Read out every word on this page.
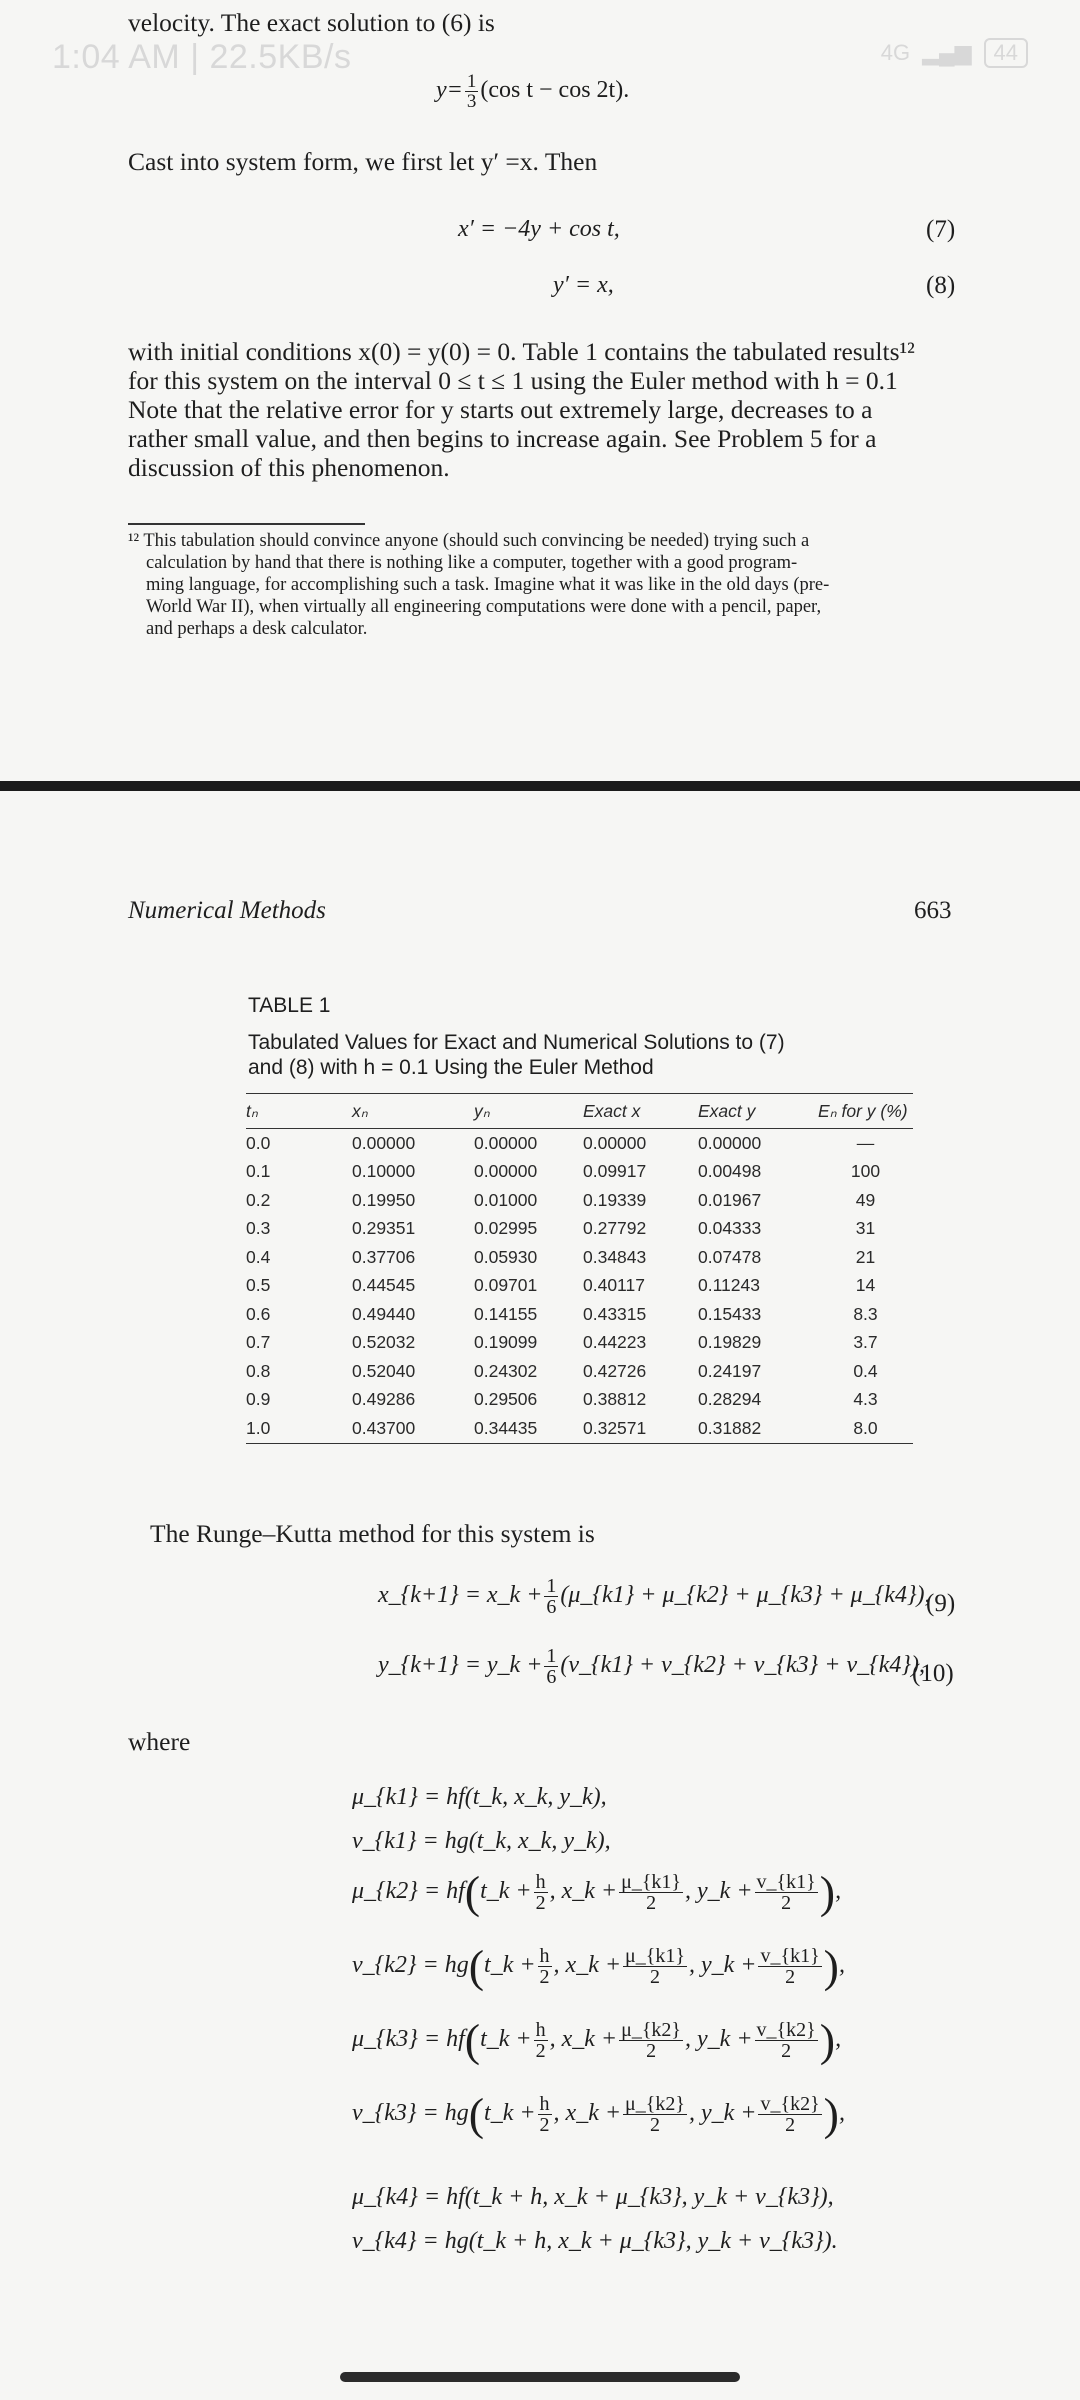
1:04 AM | 22.5KB/s	4G ▂▄▆	44
velocity. The exact solution to (6) is
$y= \frac{1}{3} (\cos$ t − cos 2t).
Cast into system form, we first let y′ =x. Then
x′ = −4y + cos t,	(7)
y′ = x,	(8)
with initial conditions x(0) = y(0) = 0. Table 1 contains the tabulated results¹²
for this system on the interval 0 ≤ t ≤ 1 using the Euler method with h = 0.1
Note that the relative error for y starts out extremely large, decreases to a
rather small value, and then begins to increase again. See Problem 5 for a
discussion of this phenomenon.
¹² This tabulation should convince anyone (should such convincing be needed) trying such a
calculation by hand that there is nothing like a computer, together with a good program-
ming language, for accomplishing such a task. Imagine what it was like in the old days (pre-
World War II), when virtually all engineering computations were done with a pencil, paper,
and perhaps a desk calculator.
Numerical Methods	663
TABLE 1
Tabulated Values for Exact and Numerical Solutions to (7)
and (8) with h = 0.1 Using the Euler Method
tₙ	xₙ	yₙ	Exact x	Exact y	Eₙ for y (%)
0.0	0.00000	0.00000	0.00000	0.00000	—
0.1	0.10000	0.00000	0.09917	0.00498	100
0.2	0.19950	0.01000	0.19339	0.01967	49
0.3	0.29351	0.02995	0.27792	0.04333	31
0.4	0.37706	0.05930	0.34843	0.07478	21
0.5	0.44545	0.09701	0.40117	0.11243	14
0.6	0.49440	0.14155	0.43315	0.15433	8.3
0.7	0.52032	0.19099	0.44223	0.19829	3.7
0.8	0.52040	0.24302	0.42726	0.24197	0.4
0.9	0.49286	0.29506	0.38812	0.28294	4.3
1.0	0.43700	0.34435	0.32571	0.31882	8.0
The Runge–Kutta method for this system is
x_{k+1} = x_k + $\frac{1}{6}$ (μ_{k1} + μ_{k2} + μ_{k3} + μ_{k4}),
(9)
y_{k+1} = y_k + $\frac{1}{6}$ (v_{k1} + v_{k2} + v_{k3} + v_{k4}),
(10)
where
μ_{k1} = hf(t_k, x_k, y_k),
v_{k1} = hg(t_k, x_k, y_k),
μ_{k2} = hf(t_k + $\frac{h}{2}$ , x_k + $\frac{\mu\_\{k1\}}{2}$ , y_k + $\frac{v\_\{k1\}}{2}$ ),
v_{k2} = hg(t_k + $\frac{h}{2}$ , x_k + $\frac{\mu\_\{k1\}}{2}$ , y_k + $\frac{v\_\{k1\}}{2}$ ),
μ_{k3} = hf(t_k + $\frac{h}{2}$ , x_k + $\frac{\mu\_\{k2\}}{2}$ , y_k + $\frac{v\_\{k2\}}{2}$ ),
v_{k3} = hg(t_k + $\frac{h}{2}$ , x_k + $\frac{\mu\_\{k2\}}{2}$ , y_k + $\frac{v\_\{k2\}}{2}$ ),
μ_{k4} = hf(t_k + h, x_k + μ_{k3}, y_k + v_{k3}),
v_{k4} = hg(t_k + h, x_k + μ_{k3}, y_k + v_{k3}).
